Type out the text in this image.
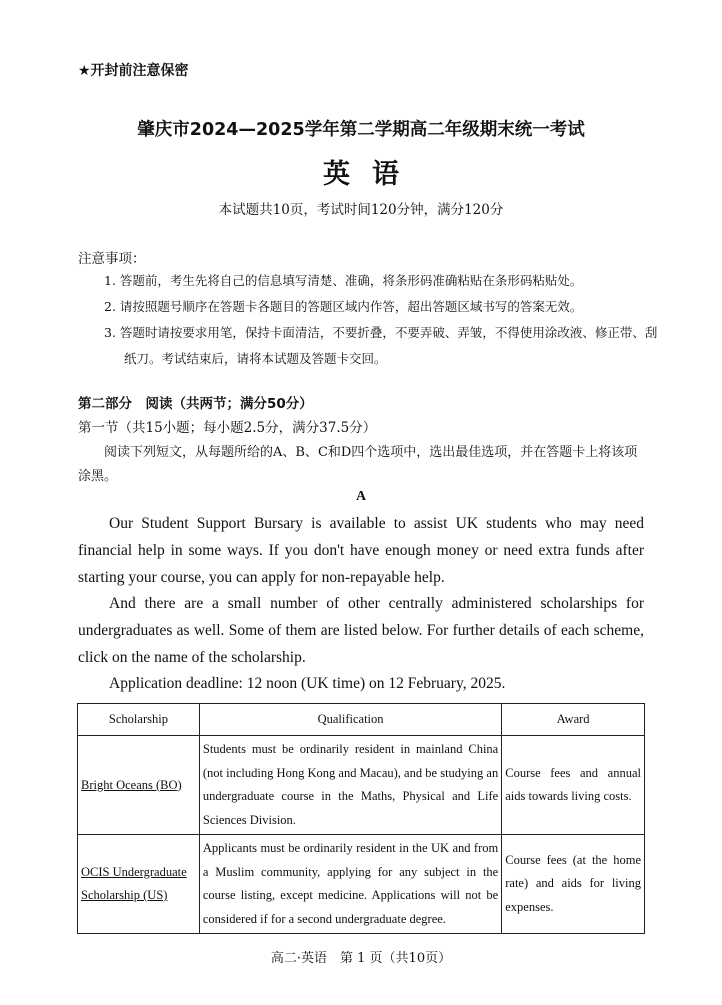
★开封前注意保密
肇庆市2024—2025学年第二学期高二年级期末统一考试
英语
本试题共10页，考试时间120分钟，满分120分
注意事项：
1. 答题前，考生先将自己的信息填写清楚、准确，将条形码准确粘贴在条形码粘贴处。
2. 请按照题号顺序在答题卡各题目的答题区域内作答，超出答题区域书写的答案无效。
3. 答题时请按要求用笔，保持卡面清洁，不要折叠，不要弄破、弄皱，不得使用涂改液、修正带、刮纸刀。考试结束后，请将本试题及答题卡交回。
第二部分　阅读（共两节；满分50分）
第一节（共15小题；每小题2.5分，满分37.5分）
阅读下列短文，从每题所给的A、B、C和D四个选项中，选出最佳选项，并在答题卡上将该项涂黑。
A
Our Student Support Bursary is available to assist UK students who may need financial help in some ways. If you don't have enough money or need extra funds after starting your course, you can apply for non-repayable help.
And there are a small number of other centrally administered scholarships for undergraduates as well. Some of them are listed below. For further details of each scheme, click on the name of the scholarship.
Application deadline: 12 noon (UK time) on 12 February, 2025.
Scholarship	Qualification	Award
Bright Oceans (BO)	Students must be ordinarily resident in mainland China (not including Hong Kong and Macau), and be studying an undergraduate course in the Maths, Physical and Life Sciences Division.	Course fees and annual aids towards living costs.
OCIS Undergraduate Scholarship (US)	Applicants must be ordinarily resident in the UK and from a Muslim community, applying for any subject in the course listing, except medicine. Applications will not be considered if for a second undergraduate degree.	Course fees (at the home rate) and aids for living expenses.
高二·英语　第 1 页（共10页）
